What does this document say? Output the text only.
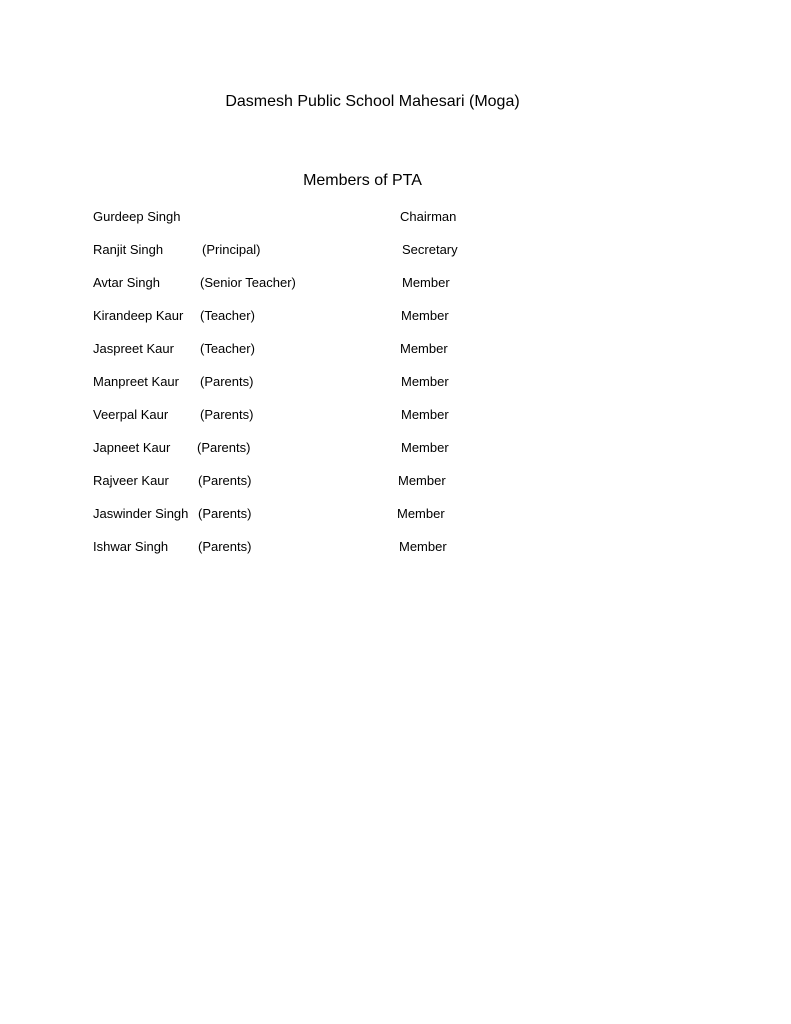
Dasmesh Public School Mahesari (Moga)
Members of PTA
Gurdeep Singh	Chairman
Ranjit Singh	(Principal)	Secretary
Avtar Singh	(Senior Teacher)	Member
Kirandeep Kaur (Teacher)	Member
Jaspreet Kaur (Teacher)	Member
Manpreet Kaur (Parents)	Member
Veerpal Kaur (Parents)	Member
Japneet Kaur (Parents)	Member
Rajveer Kaur (Parents)	Member
Jaswinder Singh (Parents)	Member
Ishwar Singh (Parents)	Member
